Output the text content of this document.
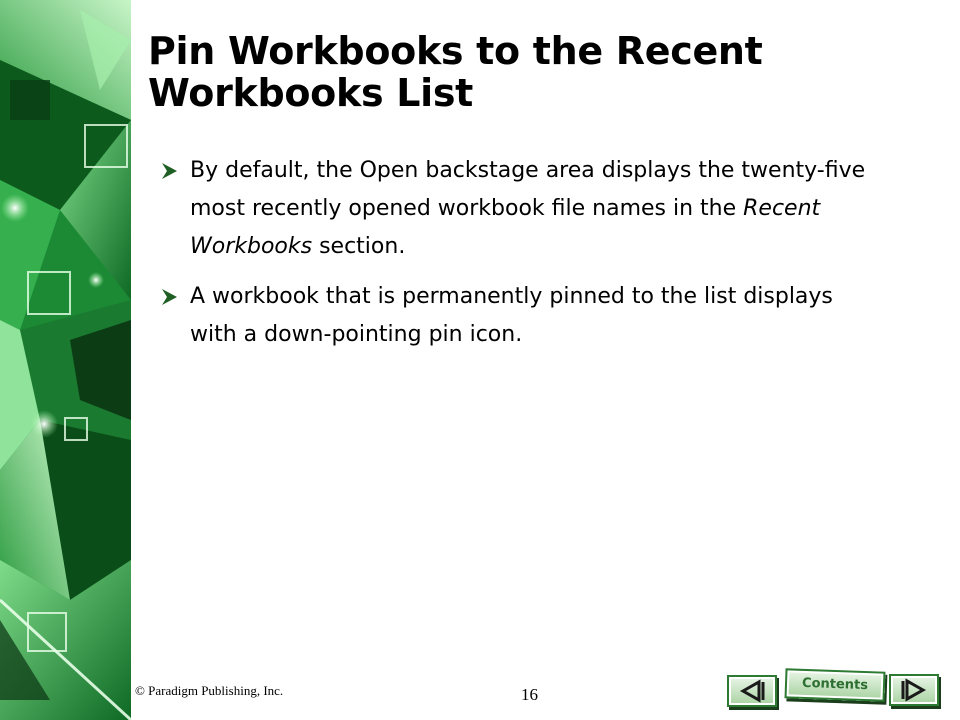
Pin Workbooks to the Recent
Workbooks List
By default, the Open backstage area displays the twenty-five most recently opened workbook file names in the Recent Workbooks section.
A workbook that is permanently pinned to the list displays with a down-pointing pin icon.
© Paradigm Publishing, Inc.	16
Contents
